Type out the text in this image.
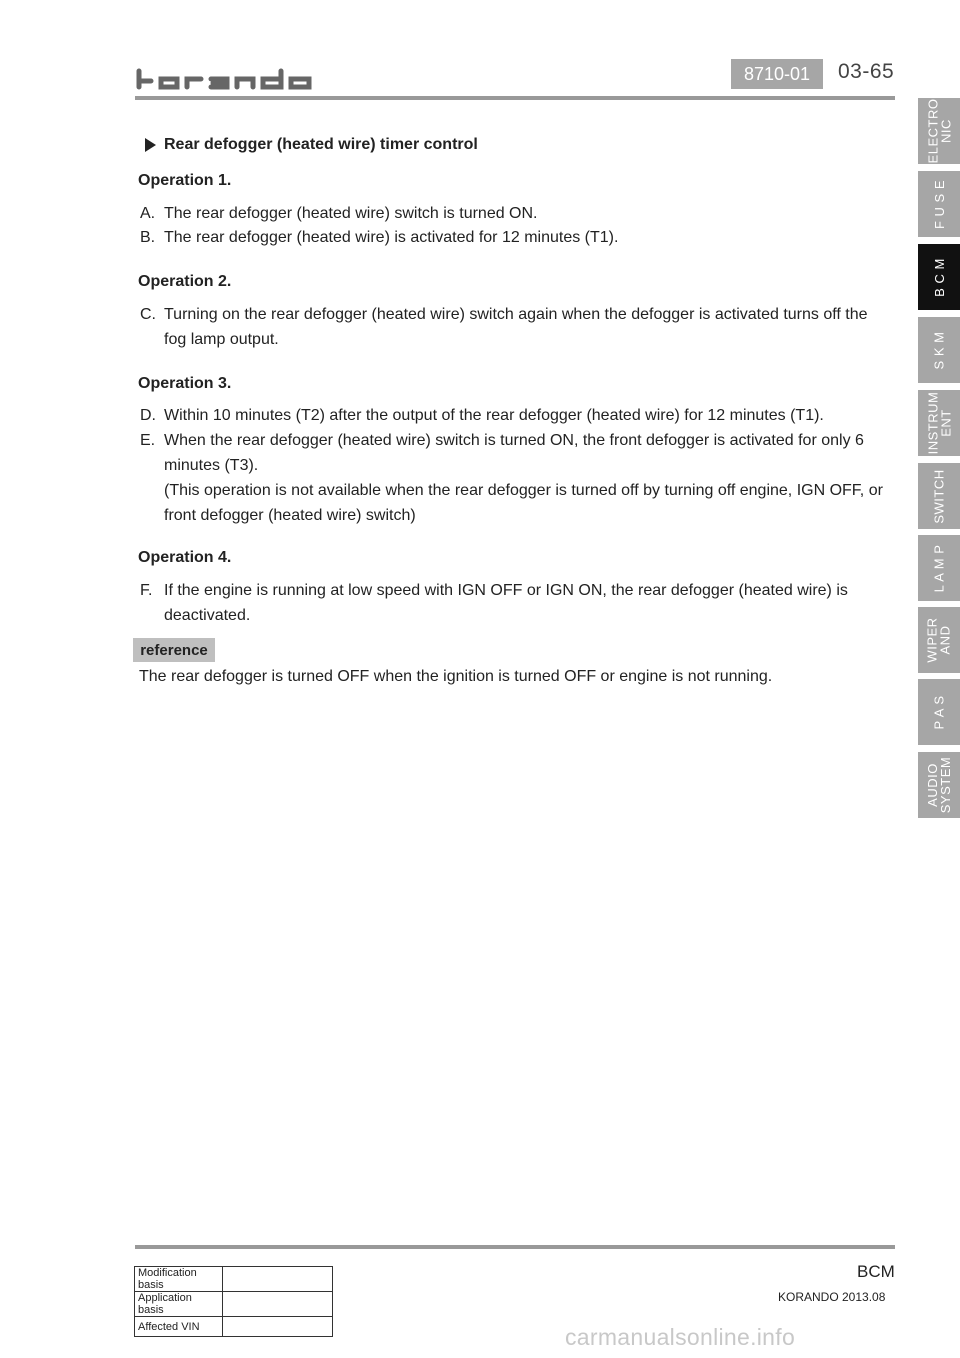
8710-01	03-65
Rear defogger (heated wire) timer control
Operation 1.
A. The rear defogger (heated wire) switch is turned ON.
B. The rear defogger (heated wire) is activated for 12 minutes (T1).
Operation 2.
C. Turning on the rear defogger (heated wire) switch again when the defogger is activated turns off the fog lamp output.
Operation 3.
D. Within 10 minutes (T2) after the output of the rear defogger (heated wire) for 12 minutes (T1).
E. When the rear defogger (heated wire) switch is turned ON, the front defogger is activated for only 6 minutes (T3).
(This operation is not available when the rear defogger is turned off by turning off engine, IGN OFF, or front defogger (heated wire) switch)
Operation 4.
F. If the engine is running at low speed with IGN OFF or IGN ON, the rear defogger (heated wire) is deactivated.
reference
The rear defogger is turned OFF when the ignition is turned OFF or engine is not running.
ELECTRO
NIC
F U S E
B C M
S K M
INSTRUM
ENT
SWITCH
L A M P
WIPER
AND
P A S
AUDIO
SYSTEM
Modification basis	
Application basis	
Affected VIN	
BCM
KORANDO 2013.08
carmanualsonline.info
